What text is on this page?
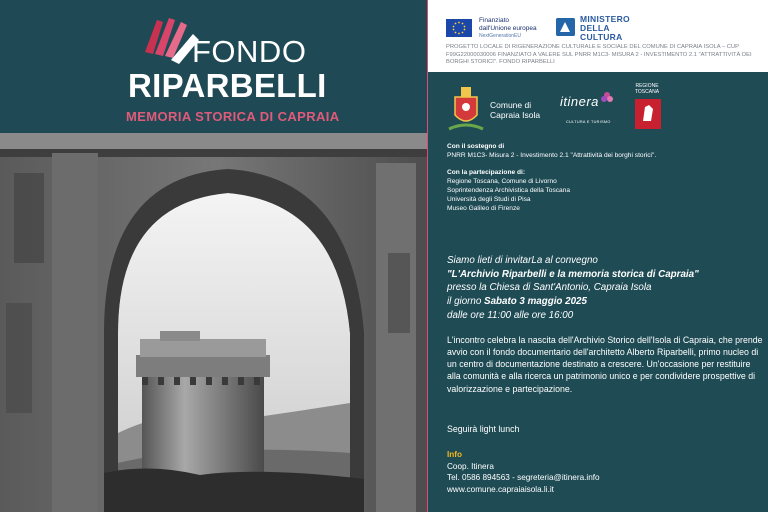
FONDO
RIPARBELLI
MEMORIA STORICA DI CAPRAIA
Finanziato
dall'Unione europea
NextGenerationEU
MINISTERO
DELLA
CULTURA
PROGETTO LOCALE DI RIGENERAZIONE CULTURALE E SOCIALE DEL COMUNE DI CAPRAIA ISOLA – CUP F99G22000030006 FINANZIATO A VALERE SUL PNRR M1C3- MISURA 2 - INVESTIMENTO 2.1 "ATTRATTIVITÀ DEI BORGHI STORICI". FONDO RIPARBELLI
Comune di
Capraia Isola
itinera
CULTURA E TURISMO
REGIONE
TOSCANA
Con il sostegno di
PNRR M1C3- Misura 2 - Investimento 2.1 "Attrattività dei borghi storici".
Con la partecipazione di:
Regione Toscana, Comune di Livorno
Soprintendenza Archivistica della Toscana
Università degli Studi di Pisa
Museo Galileo di Firenze
Siamo lieti di invitarLa al convegno
"L'Archivio Riparbelli e la memoria storica di Capraia"
presso la Chiesa di Sant'Antonio, Capraia Isola
il giorno Sabato 3 maggio 2025
dalle ore 11:00 alle ore 16:00
L'incontro celebra la nascita dell'Archivio Storico dell'Isola di Capraia, che prende avvio con il fondo documentario dell'architetto Alberto Riparbelli, primo nucleo di un centro di documentazione destinato a crescere. Un'occasione per restituire alla comunità e alla ricerca un patrimonio unico e per condividere prospettive di valorizzazione e partecipazione.
Seguirà light lunch
Info
Coop. Itinera
Tel. 0586 894563 - segreteria@itinera.info
www.comune.capraiaisola.li.it
